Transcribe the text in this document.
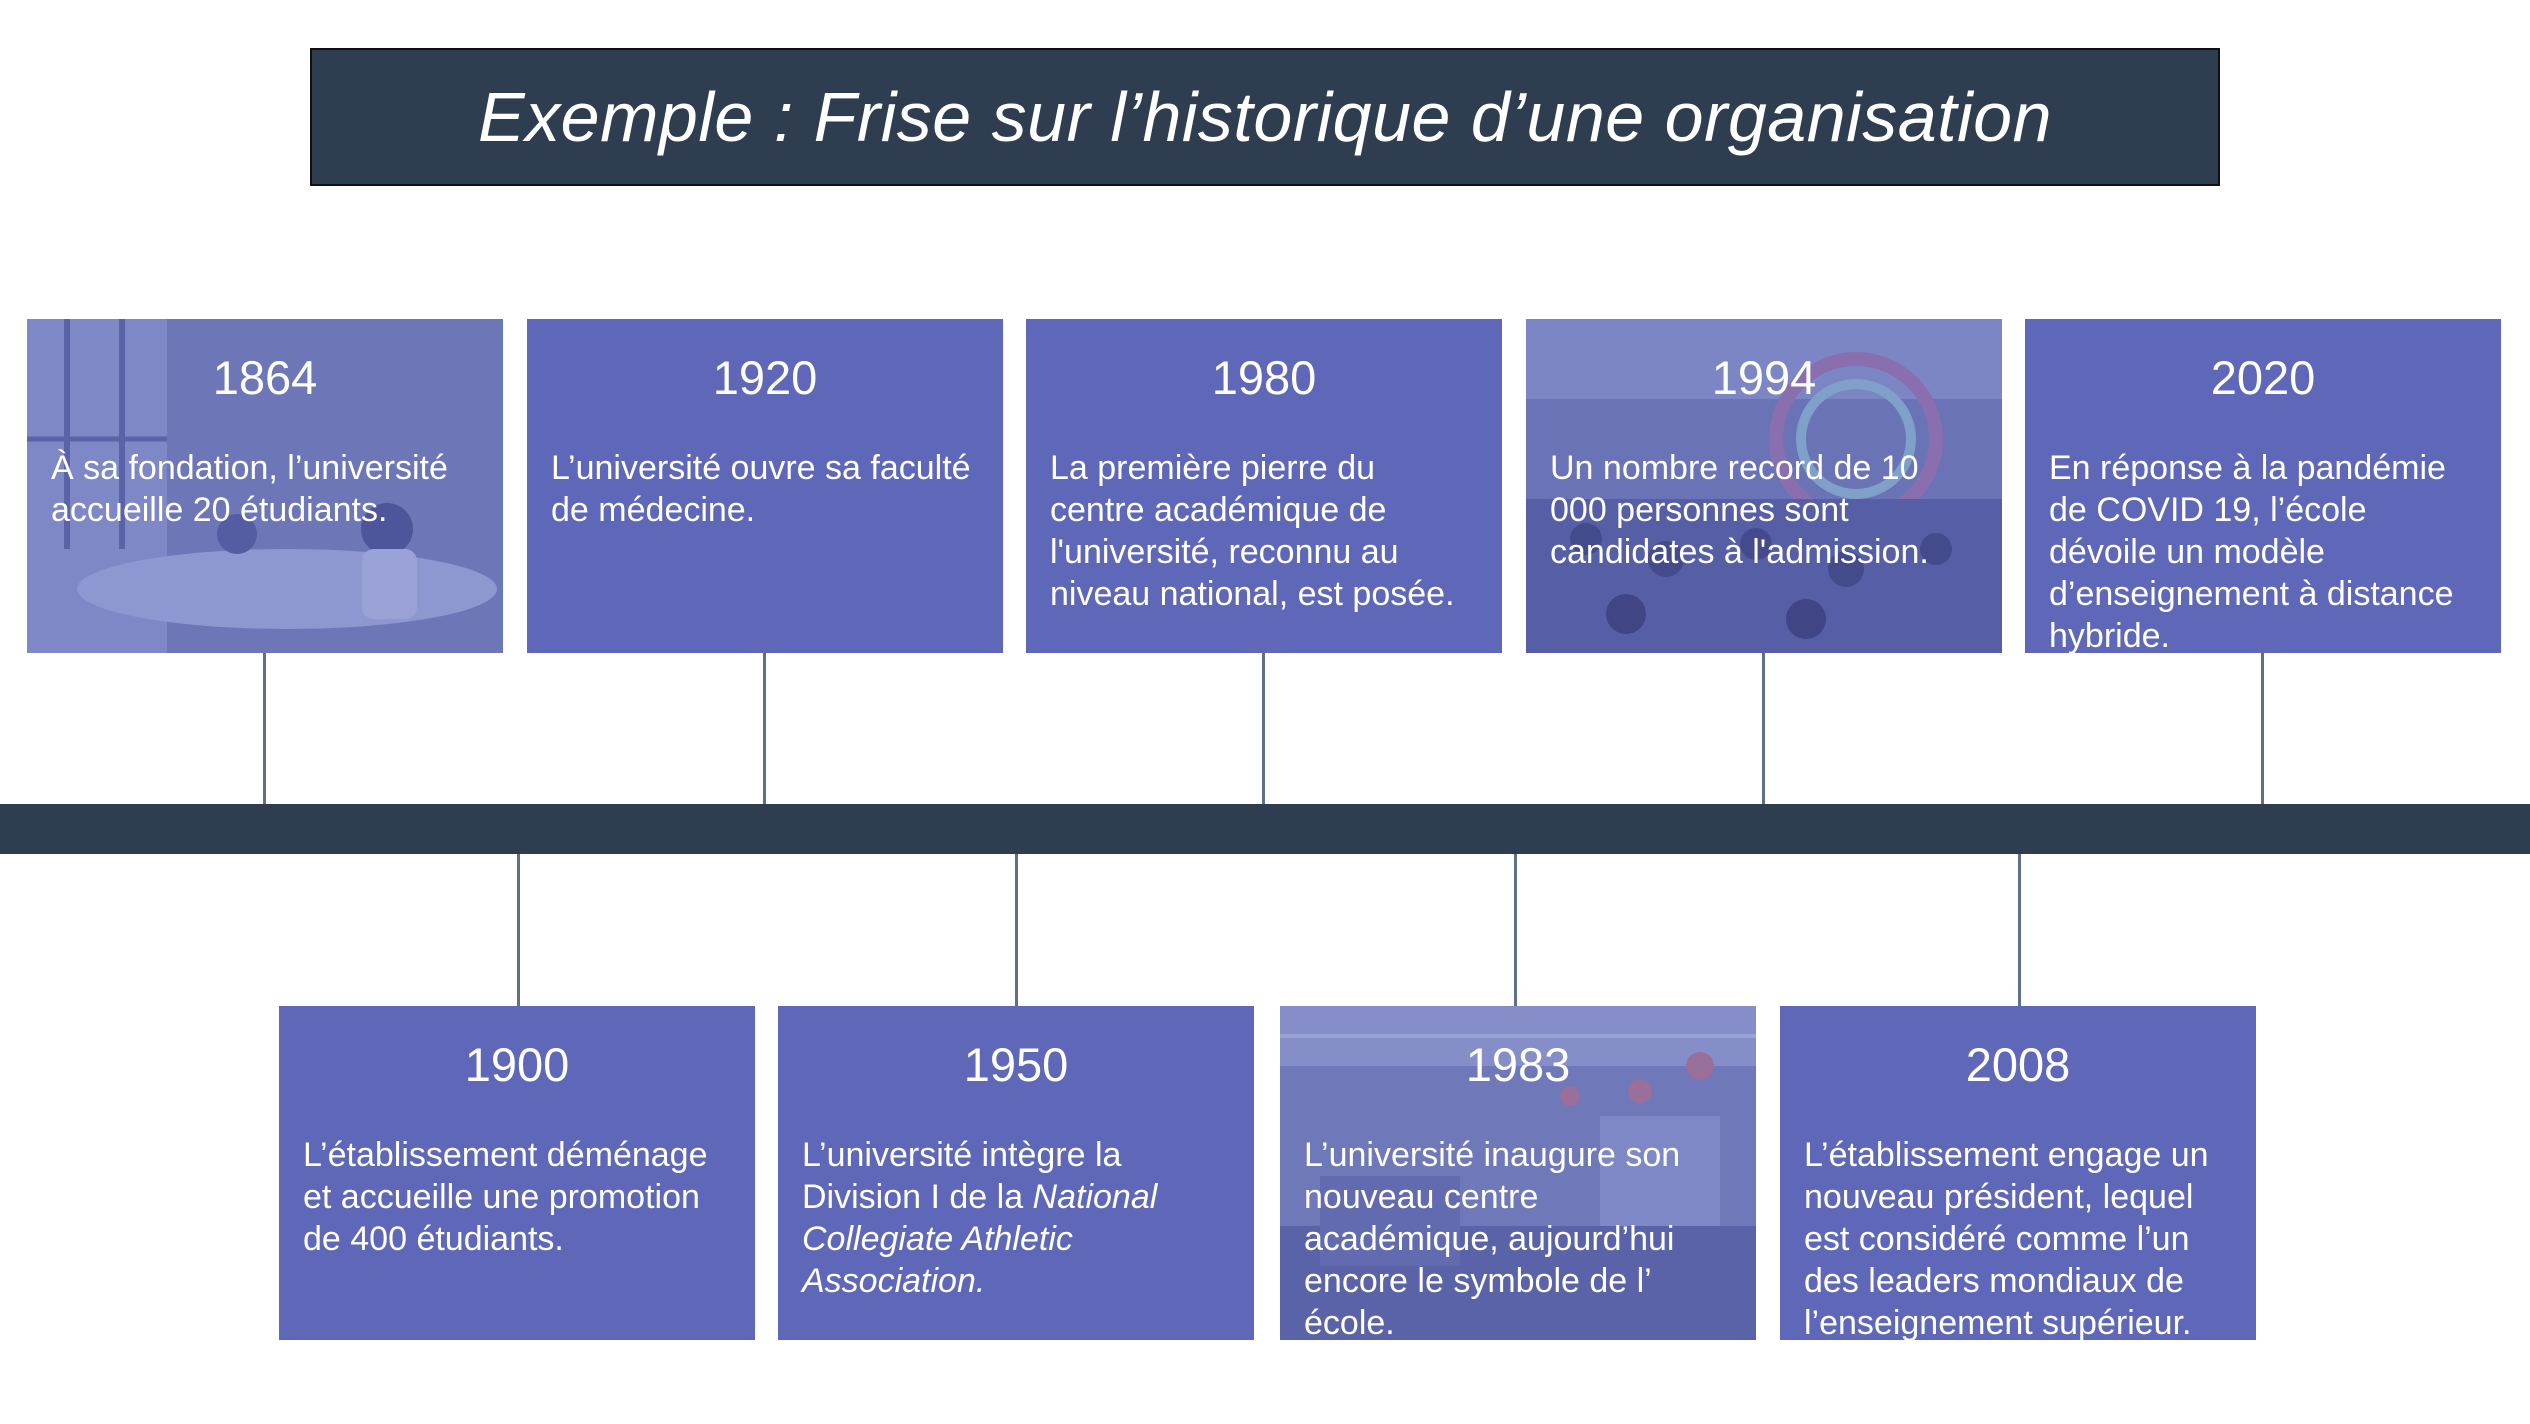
Exemple : Frise sur l’historique d’une organisation
1864
À sa fondation, l’université accueille 20 étudiants.
1920
L’université ouvre sa faculté de médecine.
1980
La première pierre du centre académique de l'université, reconnu au niveau national, est posée.
1994
Un nombre record de 10 000 personnes sont candidates à l'admission.
2020
En réponse à la pandémie de COVID 19, l’école dévoile un modèle d’enseignement à distance hybride.
1900
L’établissement déménage et accueille une promotion de 400 étudiants.
1950
L’université intègre la Division I de la National Collegiate Athletic Association.
1983
L’université inaugure son nouveau centre académique, aujourd’hui encore le symbole de l’ école.
2008
L’établissement engage un nouveau président, lequel est considéré comme l’un des leaders mondiaux de l’enseignement supérieur.
